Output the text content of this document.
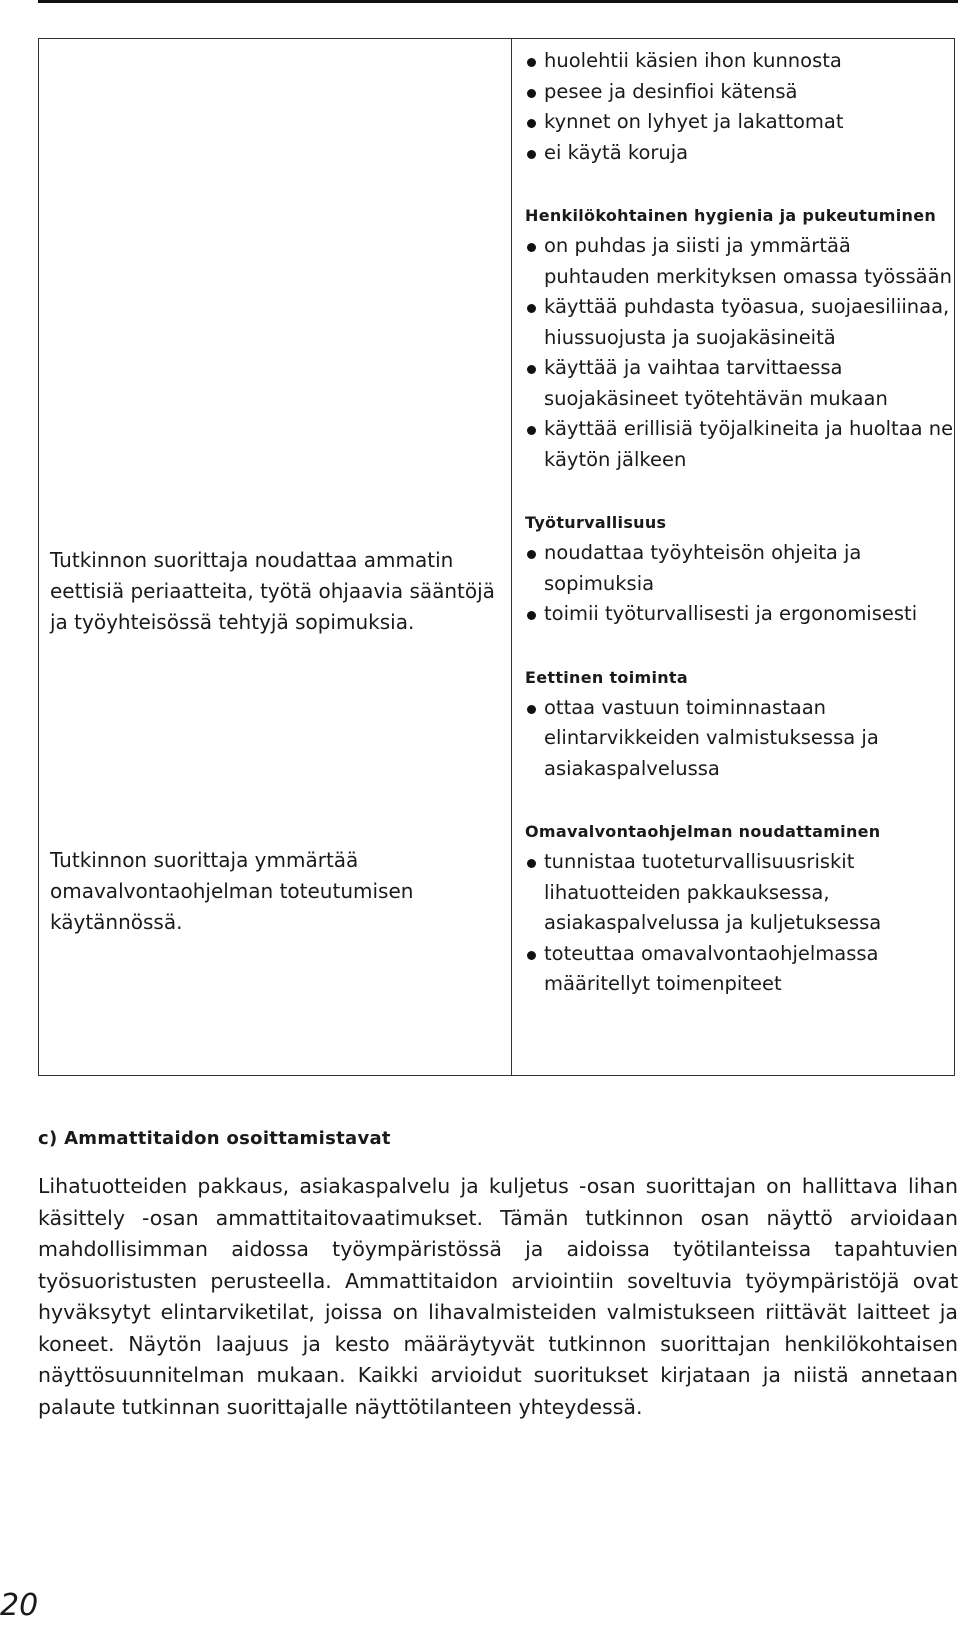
Tutkinnon suorittaja noudattaa ammatin eettisiä periaatteita, työtä ohjaavia sääntöjä ja työyhteisössä tehtyjä sopimuksia.

Tutkinnon suorittaja ymmärtää omavalvontaohjelman toteutumisen käytännössä.

huolehtii käsien ihon kunnosta
pesee ja desinfioi kätensä
kynnet on lyhyet ja lakattomat
ei käytä koruja

Henkilökohtainen hygienia ja pukeutuminen

on puhdas ja siisti ja ymmärtää puhtauden merkityksen omassa työssään
käyttää puhdasta työasua, suojaesiliinaa, hiussuojusta ja suojakäsineitä
käyttää ja vaihtaa tarvittaessa suojakäsineet työtehtävän mukaan
käyttää erillisiä työjalkineita ja huoltaa ne käytön jälkeen

Työturvallisuus

noudattaa työyhteisön ohjeita ja sopimuksia
toimii työturvallisesti ja ergonomisesti

Eettinen toiminta

ottaa vastuun toiminnastaan elintarvikkeiden valmistuksessa ja asiakaspalvelussa

Omavalvontaohjelman noudattaminen

tunnistaa tuoteturvallisuusriskit lihatuotteiden pakkauksessa, asiakaspalvelussa ja kuljetuksessa
toteuttaa omavalvontaohjelmassa määritellyt toimenpiteet

c) Ammattitaidon osoittamistavat

Lihatuotteiden pakkaus, asiakaspalvelu ja kuljetus -osan suorittajan on hallittava lihan käsittely -osan ammattitaitovaatimukset. Tämän tutkinnon osan näyttö arvioidaan mahdollisimman aidossa työympäristössä ja aidoissa työtilanteissa tapahtuvien työsuoristusten perusteella. Ammattitaidon arviointiin soveltuvia työympäristöjä ovat hyväksytyt elintarviketilat, joissa on lihavalmisteiden valmistukseen riittävät laitteet ja koneet. Näytön laajuus ja kesto määräytyvät tutkinnon suorittajan henkilökohtaisen näyttösuunnitelman mukaan. Kaikki arvioidut suoritukset kirjataan ja niistä annetaan palaute tutkinnan suorittajalle näyttötilanteen yhteydessä.

20
